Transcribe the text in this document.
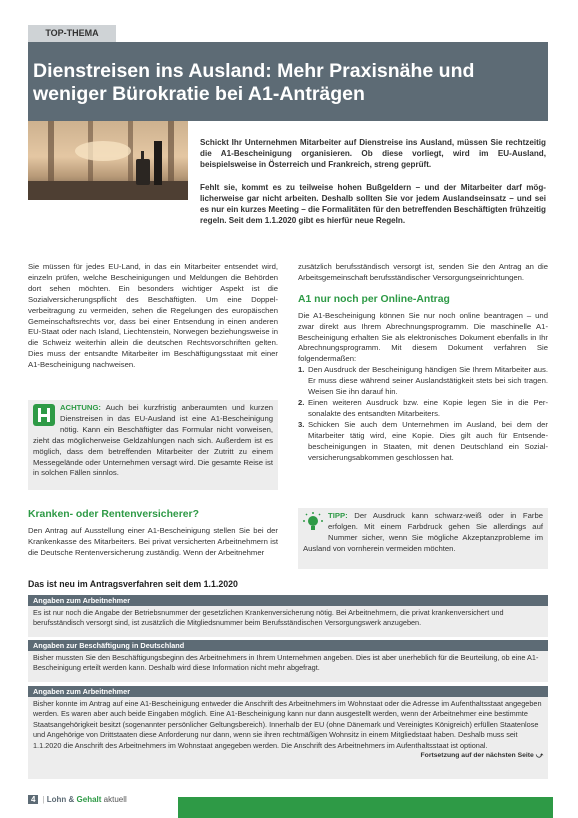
TOP-THEMA
Dienstreisen ins Ausland: Mehr Praxisnähe und weniger Bürokratie bei A1-Anträgen

Schickt Ihr Unternehmen Mitarbeiter auf Dienstreise ins Ausland, müssen Sie rechtzeitig die A1-Bescheinigung organisieren. Ob diese vorliegt, wird im EU-Ausland, beispielsweise in Österreich und Frankreich, streng geprüft.

Fehlt sie, kommt es zu teilweise hohen Bußgeldern – und der Mitarbeiter darf möglicherweise gar nicht arbeiten. Deshalb sollten Sie vor jedem Auslandseinsatz – und sei es nur ein kurzes Meeting – die Formalitäten für den betreffenden Beschäftigten frühzeitig regeln. Seit dem 1.1.2020 gibt es hierfür neue Regeln.

Sie müssen für jedes EU-Land, in das ein Mitarbeiter entsendet wird, einzeln prüfen, welche Bescheinigungen und Meldungen die Behörden dort sehen möchten. Ein besonders wichtiger Aspekt ist die Sozialversicherungspflicht des Beschäftigten. Um eine Doppelverbeitragung zu vermeiden, sehen die Regelungen des europäischen Gemeinschaftsrechts vor, dass bei einer Entsendung in einen anderen EU-Staat oder nach Island, Liechtenstein, Norwegen beziehungsweise in die Schweiz weiterhin allein die deutschen Rechtsvorschriften gelten. Dies muss der entsandte Mitarbeiter im Beschäftigungsstaat mit einer A1-Bescheinigung nachweisen.

ACHTUNG: Auch bei kurzfristig anberaumten und kurzen Dienstreisen in das EU-Ausland ist eine A1-Bescheinigung nötig. Kann ein Beschäftigter das Formular nicht vorweisen, zieht das möglicherweise Geldzahlungen nach sich. Außerdem ist es möglich, dass dem betreffenden Mitarbeiter der Zutritt zu einem Messegelände oder Unternehmen versagt wird. Die gesamte Reise ist in solchen Fällen sinnlos.
Kranken- oder Rentenversicherer?

Den Antrag auf Ausstellung einer A1-Bescheinigung stellen Sie bei der Krankenkasse des Mitarbeiters. Bei privat versicherten Arbeitnehmern ist die Deutsche Rentenversicherung zuständig. Wenn der Arbeitnehmer

zusätzlich berufsständisch versorgt ist, senden Sie den Antrag an die Arbeitsgemeinschaft berufsständischer Versorgungseinrichtungen.

A1 nur noch per Online-Antrag

Die A1-Bescheinigung können Sie nur noch online beantragen – und zwar direkt aus Ihrem Abrechnungsprogramm. Die maschinelle A1-Bescheinigung erhalten Sie als elektronisches Dokument ebenfalls in Ihr Abrechnungsprogramm. Mit diesem Dokument verfahren Sie folgendermaßen:

1. Den Ausdruck der Bescheinigung händigen Sie Ihrem Mitarbeiter aus. Er muss diese während seiner Auslandstätigkeit stets bei sich tragen. Weisen Sie ihn darauf hin.
2. Einen weiteren Ausdruck bzw. eine Kopie legen Sie in die Personalakte des entsandten Mitarbeiters.
3. Schicken Sie auch dem Unternehmen im Ausland, bei dem der Mitarbeiter tätig wird, eine Kopie. Dies gilt auch für Entsendebescheinigungen in Staaten, mit denen Deutschland ein Sozialversicherungsabkommen geschlossen hat.
TIPP: Der Ausdruck kann schwarz-weiß oder in Farbe erfolgen. Mit einem Farbdruck gehen Sie allerdings auf Nummer sicher, wenn Sie mögliche Akzeptanzprobleme im Ausland von vornherein vermeiden möchten.
Das ist neu im Antragsverfahren seit dem 1.1.2020
Angaben zum Arbeitnehmer
Es ist nur noch die Angabe der Betriebsnummer der gesetzlichen Krankenversicherung nötig. Bei Arbeitnehmern, die privat krankenversichert und berufsständisch versorgt sind, ist zusätzlich die Mitgliedsnummer beim Berufsständischen Versorgungswerk anzugeben.
Angaben zur Beschäftigung in Deutschland
Bisher mussten Sie den Beschäftigungsbeginn des Arbeitnehmers in Ihrem Unternehmen angeben. Dies ist aber unerheblich für die Beurteilung, ob eine A1-Bescheinigung erteilt werden kann. Deshalb wird diese Information nicht mehr abgefragt.
Angaben zum Arbeitnehmer
Bisher konnte im Antrag auf eine A1-Bescheinigung entweder die Anschrift des Arbeitnehmers im Wohnstaat oder die Adresse im Aufenthaltsstaat angegeben werden. Es waren aber auch beide Eingaben möglich. Eine A1-Bescheinigung kann nur dann ausgestellt werden, wenn der Arbeitnehmer eine bestimmte Staatsangehörigkeit besitzt (sogenannter persönlicher Geltungsbereich). Innerhalb der EU (ohne Dänemark und Vereinigtes Königreich) erfüllen Staatenlose und Angehörige von Drittstaaten diese Anforderung nur dann, wenn sie ihren rechtmäßigen Wohnsitz in einem Mitgliedstaat haben. Deshalb muss seit 1.1.2020 die Anschrift des Arbeitnehmers im Wohnstaat angegeben werden. Die Anschrift des Arbeitnehmers im Aufenthaltsstaat ist optional.
Fortsetzung auf der nächsten Seite ⤻
4 | Lohn & Gehalt aktuell
